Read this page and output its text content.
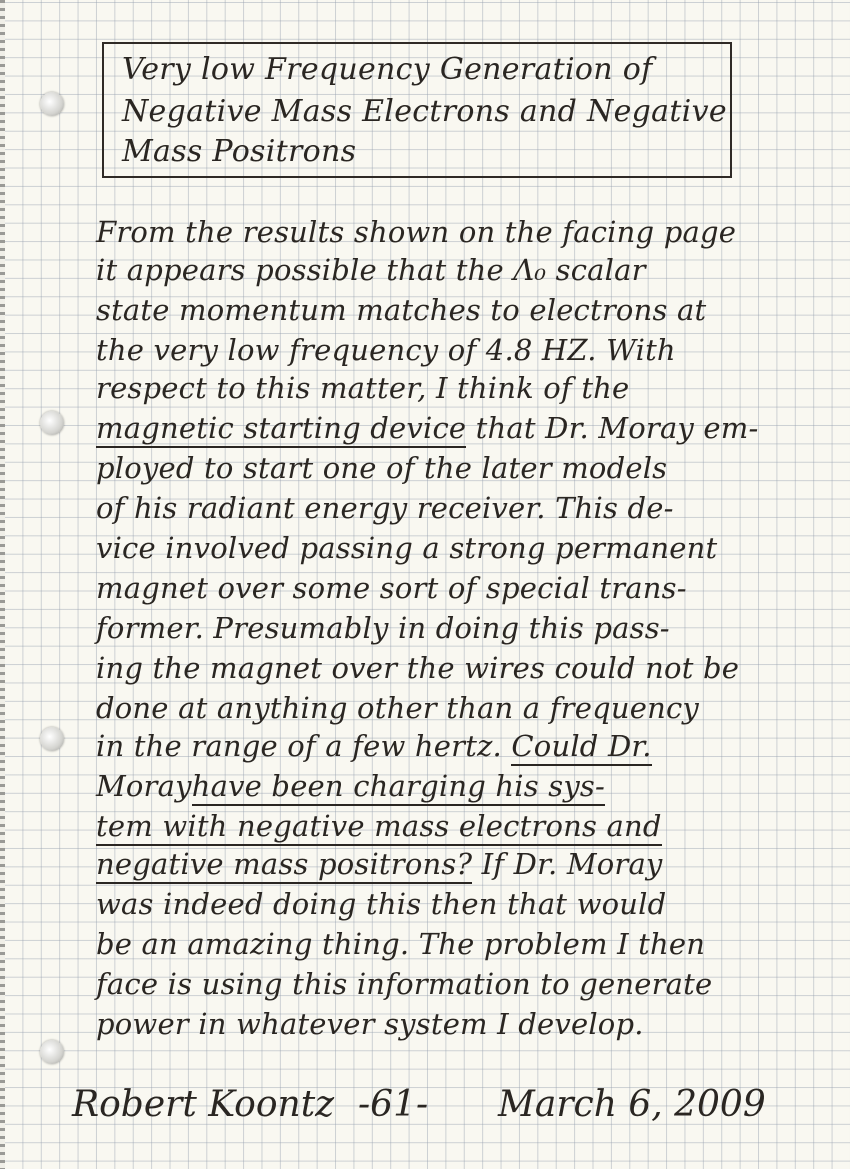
Very low Frequency Generation of
Negative Mass Electrons and Negative
Mass Positrons
From the results shown on the facing page
it appears possible that the Λ₀ scalar
state momentum matches to electrons at
the very low frequency of 4.8 HZ. With
respect to this matter, I think of the
magnetic starting device that Dr. Moray em-
ployed to start one of the later models
of his radiant energy receiver. This de-
vice involved passing a strong permanent
magnet over some sort of special trans-
former. Presumably in doing this pass-
ing the magnet over the wires could not be
done at anything other than a frequency
in the range of a few hertz. Could Dr.
Morayhave been charging his sys-
tem with negative mass electrons and
negative mass positrons? If Dr. Moray
was indeed doing this then that would
be an amazing thing. The problem I then
face is using this information to generate
power in whatever system I develop.
Robert Koontz -61- March 6, 2009
